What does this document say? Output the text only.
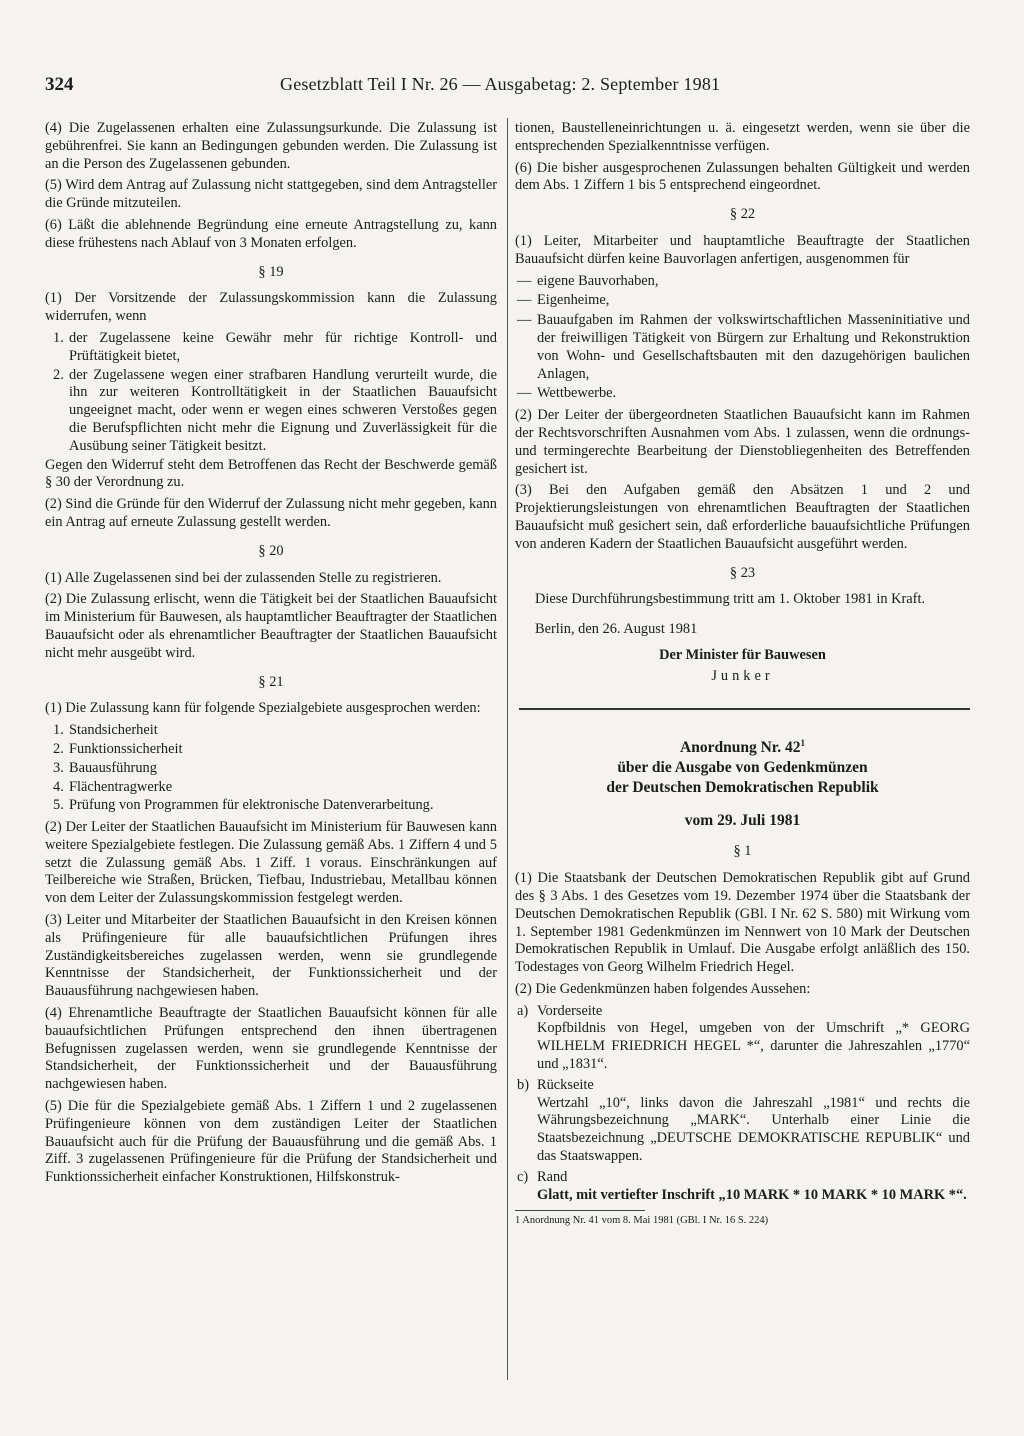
324	Gesetzblatt Teil I Nr. 26 — Ausgabetag: 2. September 1981

(4) Die Zugelassenen erhalten eine Zulassungsurkunde. Die Zulassung ist gebührenfrei. Sie kann an Bedingungen gebunden werden. Die Zulassung ist an die Person des Zugelassenen gebunden.

(5) Wird dem Antrag auf Zulassung nicht stattgegeben, sind dem Antragsteller die Gründe mitzuteilen.

(6) Läßt die ablehnende Begründung eine erneute Antragstellung zu, kann diese frühestens nach Ablauf von 3 Monaten erfolgen.

§ 19

(1) Der Vorsitzende der Zulassungskommission kann die Zulassung widerrufen, wenn

1. der Zugelassene keine Gewähr mehr für richtige Kontroll- und Prüftätigkeit bietet,
2. der Zugelassene wegen einer strafbaren Handlung verurteilt wurde, die ihn zur weiteren Kontrolltätigkeit in der Staatlichen Bauaufsicht ungeeignet macht, oder wenn er wegen eines schweren Verstoßes gegen die Berufspflichten nicht mehr die Eignung und Zuverlässigkeit für die Ausübung seiner Tätigkeit besitzt.

Gegen den Widerruf steht dem Betroffenen das Recht der Beschwerde gemäß § 30 der Verordnung zu.

(2) Sind die Gründe für den Widerruf der Zulassung nicht mehr gegeben, kann ein Antrag auf erneute Zulassung gestellt werden.

§ 20

(1) Alle Zugelassenen sind bei der zulassenden Stelle zu registrieren.

(2) Die Zulassung erlischt, wenn die Tätigkeit bei der Staatlichen Bauaufsicht im Ministerium für Bauwesen, als hauptamtlicher Beauftragter der Staatlichen Bauaufsicht oder als ehrenamtlicher Beauftragter der Staatlichen Bauaufsicht nicht mehr ausgeübt wird.

§ 21

(1) Die Zulassung kann für folgende Spezialgebiete ausgesprochen werden:

1. Standsicherheit
2. Funktionssicherheit
3. Bauausführung
4. Flächentragwerke
5. Prüfung von Programmen für elektronische Datenverarbeitung.

(2) Der Leiter der Staatlichen Bauaufsicht im Ministerium für Bauwesen kann weitere Spezialgebiete festlegen. Die Zulassung gemäß Abs. 1 Ziffern 4 und 5 setzt die Zulassung gemäß Abs. 1 Ziff. 1 voraus. Einschränkungen auf Teilbereiche wie Straßen, Brücken, Tiefbau, Industriebau, Metallbau können von dem Leiter der Zulassungskommission festgelegt werden.

(3) Leiter und Mitarbeiter der Staatlichen Bauaufsicht in den Kreisen können als Prüfingenieure für alle bauaufsichtlichen Prüfungen ihres Zuständigkeitsbereiches zugelassen werden, wenn sie grundlegende Kenntnisse der Standsicherheit, der Funktionssicherheit und der Bauausführung nachgewiesen haben.

(4) Ehrenamtliche Beauftragte der Staatlichen Bauaufsicht können für alle bauaufsichtlichen Prüfungen entsprechend den ihnen übertragenen Befugnissen zugelassen werden, wenn sie grundlegende Kenntnisse der Standsicherheit, der Funktionssicherheit und der Bauausführung nachgewiesen haben.

(5) Die für die Spezialgebiete gemäß Abs. 1 Ziffern 1 und 2 zugelassenen Prüfingenieure können von dem zuständigen Leiter der Staatlichen Bauaufsicht auch für die Prüfung der Bauausführung und die gemäß Abs. 1 Ziff. 3 zugelassenen Prüfingenieure für die Prüfung der Standsicherheit und Funktionssicherheit einfacher Konstruktionen, Hilfskonstruk-

tionen, Baustelleneinrichtungen u. ä. eingesetzt werden, wenn sie über die entsprechenden Spezialkenntnisse verfügen.

(6) Die bisher ausgesprochenen Zulassungen behalten Gültigkeit und werden dem Abs. 1 Ziffern 1 bis 5 entsprechend eingeordnet.

§ 22

(1) Leiter, Mitarbeiter und hauptamtliche Beauftragte der Staatlichen Bauaufsicht dürfen keine Bauvorlagen anfertigen, ausgenommen für

— eigene Bauvorhaben,
— Eigenheime,
— Bauaufgaben im Rahmen der volkswirtschaftlichen Masseninitiative und der freiwilligen Tätigkeit von Bürgern zur Erhaltung und Rekonstruktion von Wohn- und Gesellschaftsbauten mit den dazugehörigen baulichen Anlagen,
— Wettbewerbe.

(2) Der Leiter der übergeordneten Staatlichen Bauaufsicht kann im Rahmen der Rechtsvorschriften Ausnahmen vom Abs. 1 zulassen, wenn die ordnungs- und termingerechte Bearbeitung der Dienstobliegenheiten des Betreffenden gesichert ist.

(3) Bei den Aufgaben gemäß den Absätzen 1 und 2 und Projektierungsleistungen von ehrenamtlichen Beauftragten der Staatlichen Bauaufsicht muß gesichert sein, daß erforderliche bauaufsichtliche Prüfungen von anderen Kadern der Staatlichen Bauaufsicht ausgeführt werden.

§ 23

Diese Durchführungsbestimmung tritt am 1. Oktober 1981 in Kraft.

Berlin, den 26. August 1981

Der Minister für Bauwesen
Junker
Anordnung Nr. $42^1$
über die Ausgabe von Gedenkmünzen
der Deutschen Demokratischen Republik
vom 29. Juli 1981
§ 1

(1) Die Staatsbank der Deutschen Demokratischen Republik gibt auf Grund des § 3 Abs. 1 des Gesetzes vom 19. Dezember 1974 über die Staatsbank der Deutschen Demokratischen Republik (GBl. I Nr. 62 S. 580) mit Wirkung vom 1. September 1981 Gedenkmünzen im Nennwert von 10 Mark der Deutschen Demokratischen Republik in Umlauf. Die Ausgabe erfolgt anläßlich des 150. Todestages von Georg Wilhelm Friedrich Hegel.

(2) Die Gedenkmünzen haben folgendes Aussehen:

a) Vorderseite
Kopfbildnis von Hegel, umgeben von der Umschrift „* GEORG WILHELM FRIEDRICH HEGEL *“, darunter die Jahreszahlen „1770“ und „1831“.
b) Rückseite
Wertzahl „10“, links davon die Jahreszahl „1981“ und rechts die Währungsbezeichnung „MARK“. Unterhalb einer Linie die Staatsbezeichnung „DEUTSCHE DEMOKRATISCHE REPUBLIK“ und das Staatswappen.
c) Rand
Glatt, mit vertiefter Inschrift „10 MARK * 10 MARK * 10 MARK *“.
1 Anordnung Nr. 41 vom 8. Mai 1981 (GBl. I Nr. 16 S. 224)
